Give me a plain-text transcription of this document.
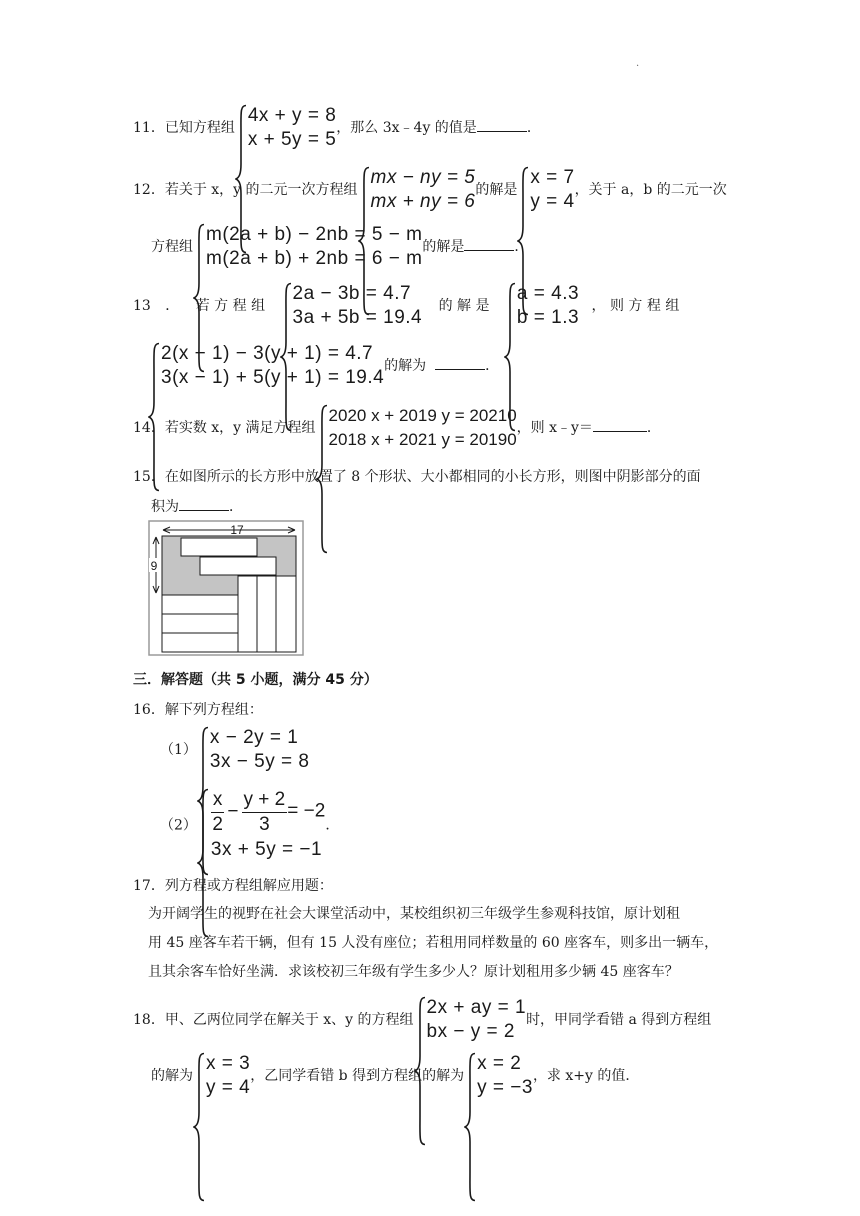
.
11．已知方程组
4x + y = 8
x + 5y = 5
，那么 3x﹣4y 的值是	．
12．若关于 x，y 的二元一次方程组
mx − ny = 5
mx + ny = 6
的解是
x = 7
y = 4
，关于 a，b 的二元一次
方程组
m(2a + b) − 2nb = 5 − m
m(2a + b) + 2nb = 6 − m
的解是	．
13 ． 若 方 程 组
2a − 3b = 4.7
3a + 5b = 19.4
的 解 是
a = 4.3
b = 1.3
， 则 方 程 组
2(x − 1) − 3(y + 1) = 4.7
3(x − 1) + 5(y + 1) = 19.4
的解为	．
14．若实数 x，y 满足方程组
2020 x + 2019 y = 20210
2018 x + 2021 y = 20190
，则 x﹣y＝	．
15．在如图所示的长方形中放置了 8 个形状、大小都相同的小长方形，则图中阴影部分的面
积为	．
17
9
三．解答题（共 5 小题，满分 45 分）
16．解下列方程组：
（1）
x − 2y = 1
3x − 5y = 8
$(2) \frac{x}{2} - \frac{y + 2}{3} = -2$
3x + 5y = −1
．
17．列方程或方程组解应用题：
为开阔学生的视野在社会大课堂活动中，某校组织初三年级学生参观科技馆，原计划租
用 45 座客车若干辆，但有 15 人没有座位；若租用同样数量的 60 座客车，则多出一辆车，
且其余客车恰好坐满．求该校初三年级有学生多少人？原计划租用多少辆 45 座客车？
18．甲、乙两位同学在解关于 x、y 的方程组
2x + ay = 1
bx − y = 2
时，甲同学看错 a 得到方程组
的解为
x = 3
y = 4
，乙同学看错 b 得到方程组的解为
x = 2
y = −3
，求 x+y 的值．
